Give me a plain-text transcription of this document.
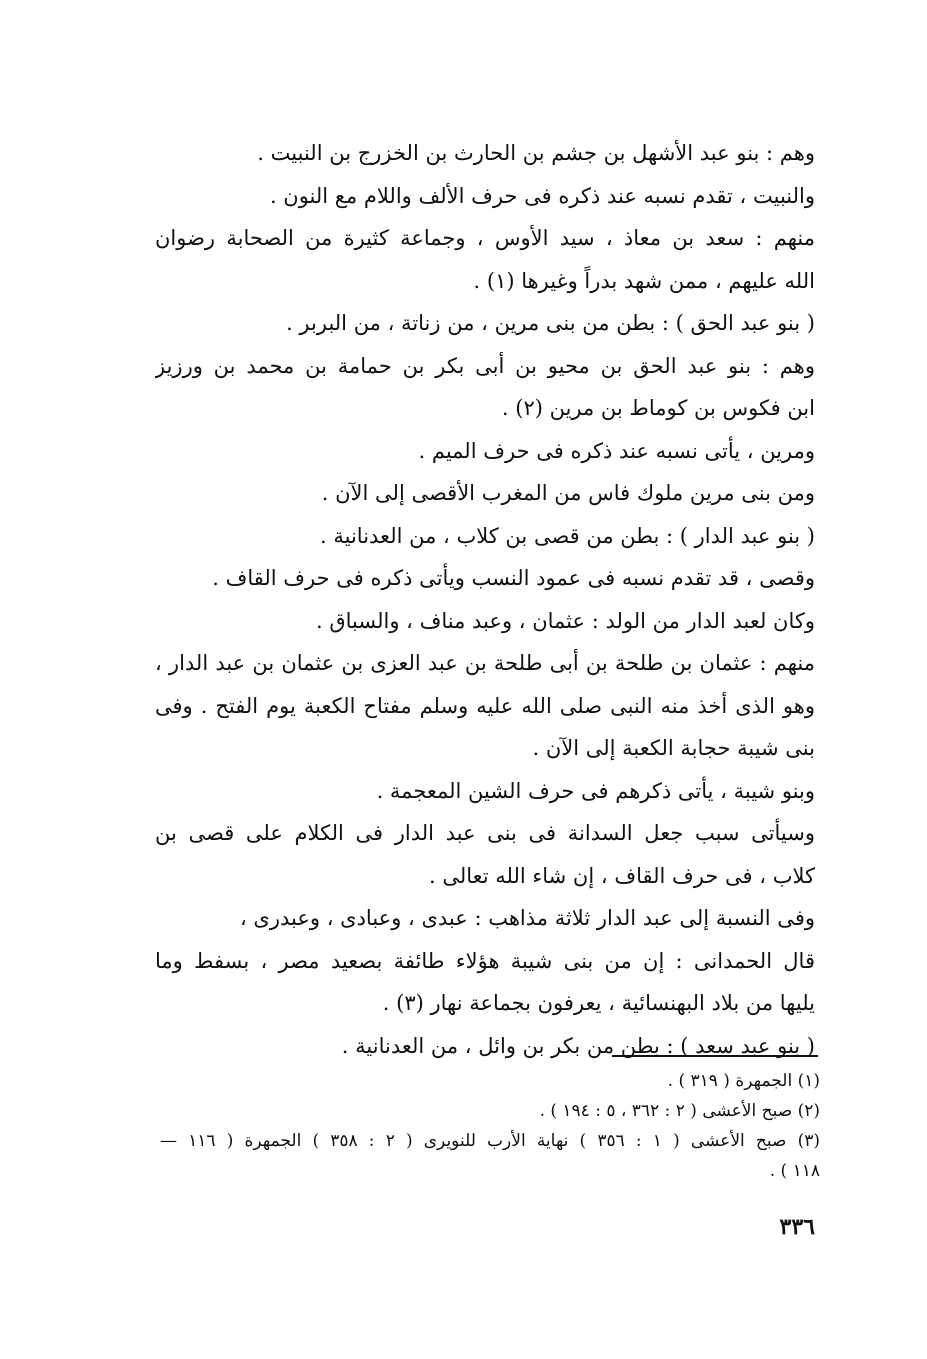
وهم : بنو عبد الأشهل بن جشم بن الحارث بن الخزرج بن النبيت .
والنبيت ، تقدم نسبه عند ذكره فى حرف الألف واللام مع النون .
منهم : سعد بن معاذ ، سيد الأوس ، وجماعة كثيرة من الصحابة رضوان
الله عليهم ، ممن شهد بدراً وغيرها (١) .
( بنو عبد الحق ) : بطن من بنى مرين ، من زناتة ، من البربر .
وهم : بنو عبد الحق بن محيو بن أبى بكر بن حمامة بن محمد بن ورزيز
ابن فكوس بن كوماط بن مرين (٢) .
ومرين ، يأتى نسبه عند ذكره فى حرف الميم .
ومن بنى مرين ملوك فاس من المغرب الأقصى إلى الآن .
( بنو عبد الدار ) : بطن من قصى بن كلاب ، من العدنانية .
وقصى ، قد تقدم نسبه فى عمود النسب ويأتى ذكره فى حرف القاف .
وكان لعبد الدار من الولد : عثمان ، وعبد مناف ، والسباق .
منهم : عثمان بن طلحة بن أبى طلحة بن عبد العزى بن عثمان بن عبد الدار ،
وهو الذى أخذ منه النبى صلى الله عليه وسلم مفتاح الكعبة يوم الفتح . وفى
بنى شيبة حجابة الكعبة إلى الآن .
وبنو شيبة ، يأتى ذكرهم فى حرف الشين المعجمة .
وسيأتى سبب جعل السدانة فى بنى عبد الدار فى الكلام على قصى بن
كلاب ، فى حرف القاف ، إن شاء الله تعالى .
وفى النسبة إلى عبد الدار ثلاثة مذاهب : عبدى ، وعبادى ، وعبدرى ،
قال الحمدانى : إن من بنى شيبة هؤلاء طائفة بصعيد مصر ، بسفط وما
يليها من بلاد البهنسائية ، يعرفون بجماعة نهار (٣) .
( بنو عبد سعد ) : بطن من بكر بن وائل ، من العدنانية .
(١) الجمهرة ( ٣١٩ ) .
(٢) صبح الأعشى ( ٢ : ٣٦٢ ، ٥ : ١٩٤ ) .
(٣) صبح الأعشى ( ١ : ٣٥٦ ) نهاية الأرب للنويرى ( ٢ : ٣٥٨ ) الجمهرة ( ١١٦ —
١١٨ ) .
٣٣٦
